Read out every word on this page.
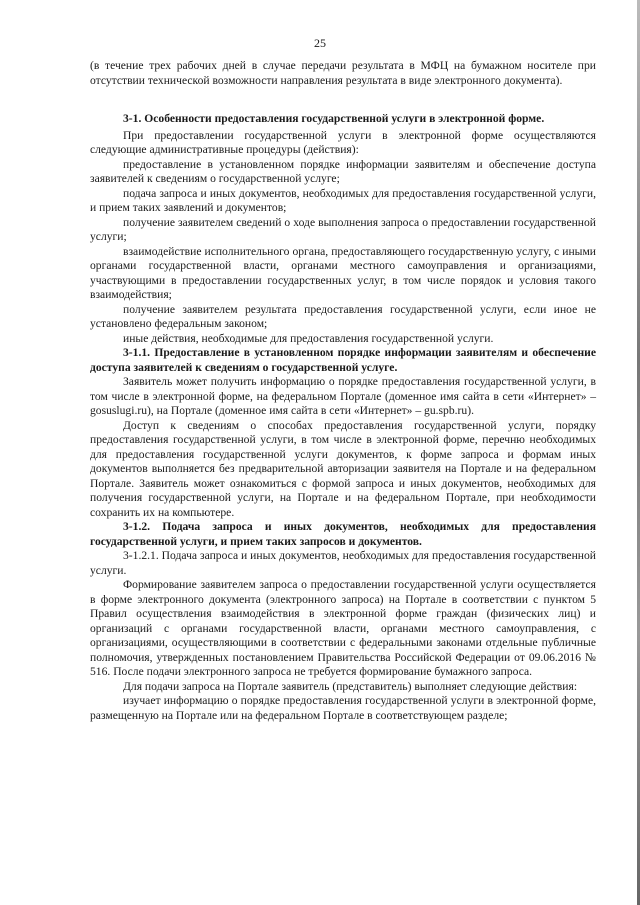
25

(в течение трех рабочих дней в случае передачи результата в МФЦ на бумажном носителе при отсутствии технической возможности направления результата в виде электронного документа).

3-1. Особенности предоставления государственной услуги в электронной форме.

При предоставлении государственной услуги в электронной форме осуществляются следующие административные процедуры (действия):

предоставление в установленном порядке информации заявителям и обеспечение доступа заявителей к сведениям о государственной услуге;

подача запроса и иных документов, необходимых для предоставления государственной услуги, и прием таких заявлений и документов;

получение заявителем сведений о ходе выполнения запроса о предоставлении государственной услуги;

взаимодействие исполнительного органа, предоставляющего государственную услугу, с иными органами государственной власти, органами местного самоуправления и организациями, участвующими в предоставлении государственных услуг, в том числе порядок и условия такого взаимодействия;

получение заявителем результата предоставления государственной услуги, если иное не установлено федеральным законом;

иные действия, необходимые для предоставления государственной услуги.

3-1.1. Предоставление в установленном порядке информации заявителям и обеспечение доступа заявителей к сведениям о государственной услуге.

Заявитель может получить информацию о порядке предоставления государственной услуги, в том числе в электронной форме, на федеральном Портале (доменное имя сайта в сети «Интернет» – gosuslugi.ru), на Портале (доменное имя сайта в сети «Интернет» – gu.spb.ru).

Доступ к сведениям о способах предоставления государственной услуги, порядку предоставления государственной услуги, в том числе в электронной форме, перечню необходимых для предоставления государственной услуги документов, к форме запроса и формам иных документов выполняется без предварительной авторизации заявителя на Портале и на федеральном Портале. Заявитель может ознакомиться с формой запроса и иных документов, необходимых для получения государственной услуги, на Портале и на федеральном Портале, при необходимости сохранить их на компьютере.

3-1.2. Подача запроса и иных документов, необходимых для предоставления государственной услуги, и прием таких запросов и документов.

3-1.2.1. Подача запроса и иных документов, необходимых для предоставления государственной услуги.

Формирование заявителем запроса о предоставлении государственной услуги осуществляется в форме электронного документа (электронного запроса) на Портале в соответствии с пунктом 5 Правил осуществления взаимодействия в электронной форме граждан (физических лиц) и организаций с органами государственной власти, органами местного самоуправления, с организациями, осуществляющими в соответствии с федеральными законами отдельные публичные полномочия, утвержденных постановлением Правительства Российской Федерации от 09.06.2016 № 516. После подачи электронного запроса не требуется формирование бумажного запроса.

Для подачи запроса на Портале заявитель (представитель) выполняет следующие действия:

изучает информацию о порядке предоставления государственной услуги в электронной форме, размещенную на Портале или на федеральном Портале в соответствующем разделе;
